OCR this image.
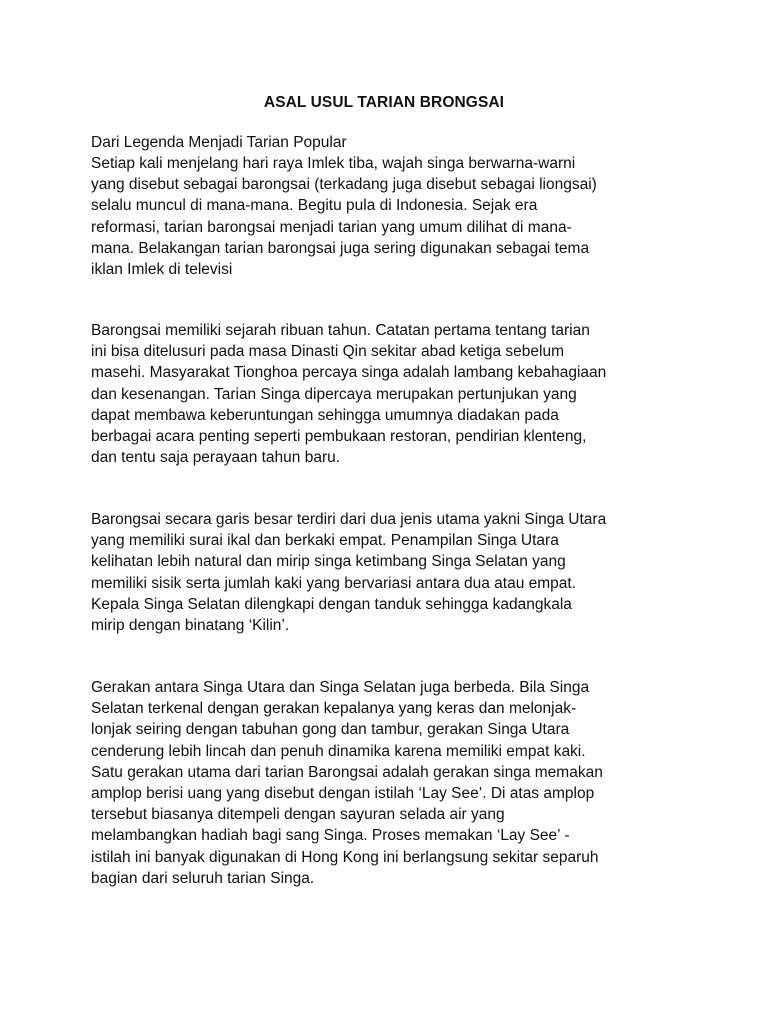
ASAL USUL TARIAN BRONGSAI

Dari Legenda Menjadi Tarian Popular

Setiap kali menjelang hari raya Imlek tiba, wajah singa berwarna-warni

yang disebut sebagai barongsai (terkadang juga disebut sebagai liongsai)

selalu muncul di mana-mana. Begitu pula di Indonesia. Sejak era

reformasi, tarian barongsai menjadi tarian yang umum dilihat di mana-

mana. Belakangan tarian barongsai juga sering digunakan sebagai tema

iklan Imlek di televisi

Barongsai memiliki sejarah ribuan tahun. Catatan pertama tentang tarian

ini bisa ditelusuri pada masa Dinasti Qin sekitar abad ketiga sebelum

masehi. Masyarakat Tionghoa percaya singa adalah lambang kebahagiaan

dan kesenangan. Tarian Singa dipercaya merupakan pertunjukan yang

dapat membawa keberuntungan sehingga umumnya diadakan pada

berbagai acara penting seperti pembukaan restoran, pendirian klenteng,

dan tentu saja perayaan tahun baru.

Barongsai secara garis besar terdiri dari dua jenis utama yakni Singa Utara

yang memiliki surai ikal dan berkaki empat. Penampilan Singa Utara

kelihatan lebih natural dan mirip singa ketimbang Singa Selatan yang

memiliki sisik serta jumlah kaki yang bervariasi antara dua atau empat.

Kepala Singa Selatan dilengkapi dengan tanduk sehingga kadangkala

mirip dengan binatang ‘Kilin’.

Gerakan antara Singa Utara dan Singa Selatan juga berbeda. Bila Singa

Selatan terkenal dengan gerakan kepalanya yang keras dan melonjak-

lonjak seiring dengan tabuhan gong dan tambur, gerakan Singa Utara

cenderung lebih lincah dan penuh dinamika karena memiliki empat kaki.

Satu gerakan utama dari tarian Barongsai adalah gerakan singa memakan

amplop berisi uang yang disebut dengan istilah ‘Lay See’. Di atas amplop

tersebut biasanya ditempeli dengan sayuran selada air yang

melambangkan hadiah bagi sang Singa. Proses memakan ‘Lay See’ -

istilah ini banyak digunakan di Hong Kong ini berlangsung sekitar separuh

bagian dari seluruh tarian Singa.
